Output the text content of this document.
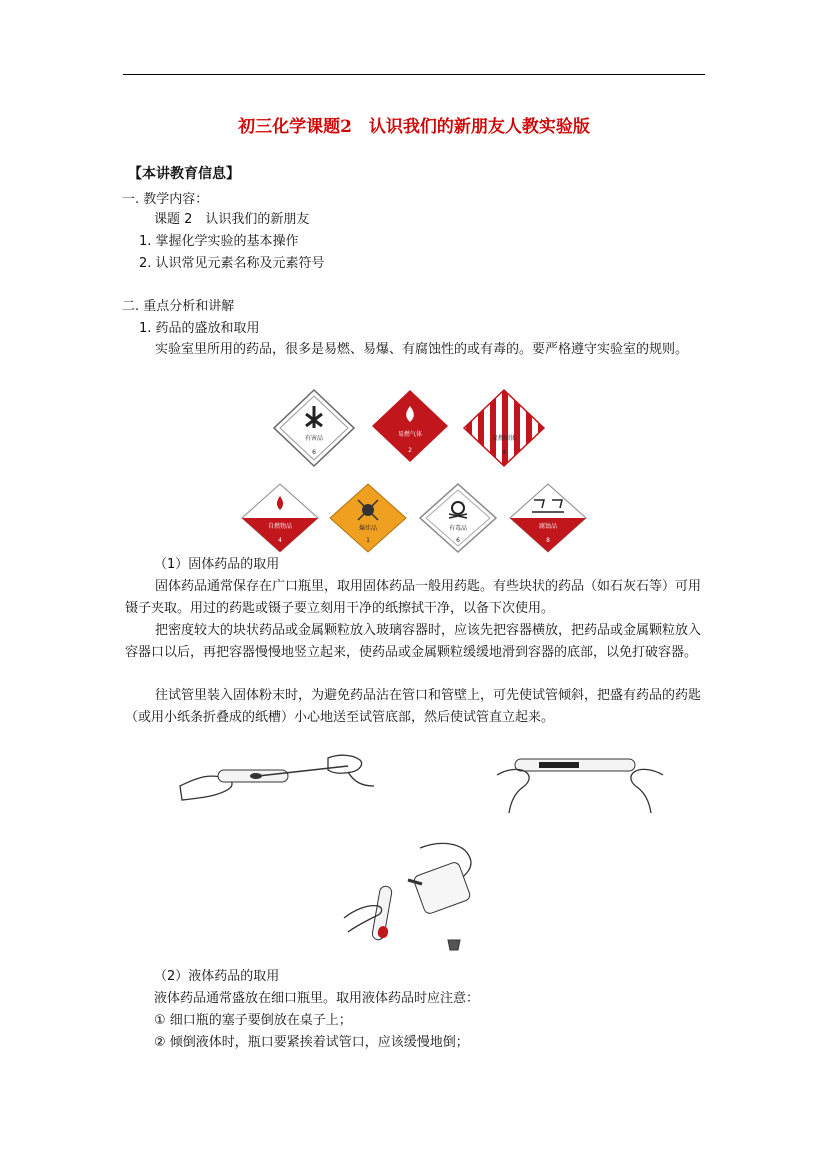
初三化学课题2　认识我们的新朋友人教实验版
【本讲教育信息】
一. 教学内容：
课题 2　认识我们的新朋友
1. 掌握化学实验的基本操作
2. 认识常见元素名称及元素符号
二. 重点分析和讲解
1. 药品的盛放和取用
实验室里所用的药品，很多是易燃、易爆、有腐蚀性的或有毒的。要严格遵守实验室的规则。
有害品
6
易燃气体
2
易燃固体
4
自燃物品
4
爆炸品
1
有毒品
6
腐蚀品
8
（1）固体药品的取用
固体药品通常保存在广口瓶里，取用固体药品一般用药匙。有些块状的药品（如石灰石等）可用镊子夹取。用过的药匙或镊子要立刻用干净的纸擦拭干净，以备下次使用。
把密度较大的块状药品或金属颗粒放入玻璃容器时，应该先把容器横放，把药品或金属颗粒放入容器口以后，再把容器慢慢地竖立起来，使药品或金属颗粒缓缓地滑到容器的底部，以免打破容器。
往试管里装入固体粉末时，为避免药品沾在管口和管壁上，可先使试管倾斜，把盛有药品的药匙（或用小纸条折叠成的纸槽）小心地送至试管底部，然后使试管直立起来。
（2）液体药品的取用
液体药品通常盛放在细口瓶里。取用液体药品时应注意：
① 细口瓶的塞子要倒放在桌子上；
② 倾倒液体时，瓶口要紧挨着试管口，应该缓慢地倒；
